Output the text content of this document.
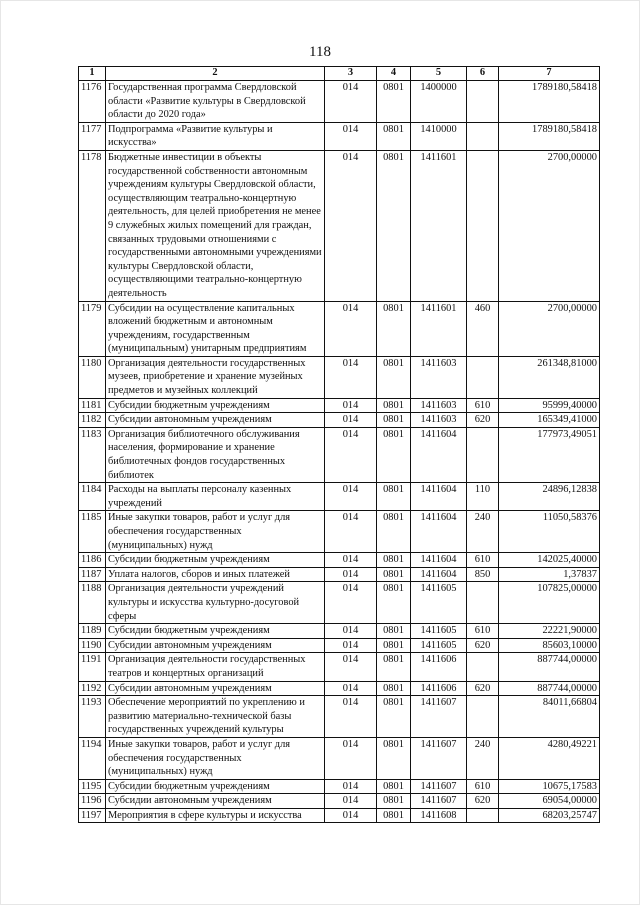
118
1	2	3	4	5	6	7
1176	Государственная программа Свердловской области «Развитие культуры в Свердловской области до 2020 года»	014	0801	1400000		1789180,58418
1177	Подпрограмма «Развитие культуры и искусства»	014	0801	1410000		1789180,58418
1178	Бюджетные инвестиции в объекты государственной собственности автономным учреждениям культуры Свердловской области, осуществляющим театрально-концертную деятельность, для целей приобретения не менее 9 служебных жилых помещений для граждан, связанных трудовыми отношениями с государственными автономными учреждениями культуры Свердловской области, осуществляющими театрально-концертную деятельность	014	0801	1411601		2700,00000
1179	Субсидии на осуществление капитальных вложений бюджетным и автономным учреждениям, государственным (муниципальным) унитарным предприятиям	014	0801	1411601	460	2700,00000
1180	Организация деятельности государственных музеев, приобретение и хранение музейных предметов и музейных коллекций	014	0801	1411603		261348,81000
1181	Субсидии бюджетным учреждениям	014	0801	1411603	610	95999,40000
1182	Субсидии автономным учреждениям	014	0801	1411603	620	165349,41000
1183	Организация библиотечного обслуживания населения, формирование и хранение библиотечных фондов государственных библиотек	014	0801	1411604		177973,49051
1184	Расходы на выплаты персоналу казенных учреждений	014	0801	1411604	110	24896,12838
1185	Иные закупки товаров, работ и услуг для обеспечения государственных (муниципальных) нужд	014	0801	1411604	240	11050,58376
1186	Субсидии бюджетным учреждениям	014	0801	1411604	610	142025,40000
1187	Уплата налогов, сборов и иных платежей	014	0801	1411604	850	1,37837
1188	Организация деятельности учреждений культуры и искусства культурно-досуговой сферы	014	0801	1411605		107825,00000
1189	Субсидии бюджетным учреждениям	014	0801	1411605	610	22221,90000
1190	Субсидии автономным учреждениям	014	0801	1411605	620	85603,10000
1191	Организация деятельности государственных театров и концертных организаций	014	0801	1411606		887744,00000
1192	Субсидии автономным учреждениям	014	0801	1411606	620	887744,00000
1193	Обеспечение мероприятий по укреплению и развитию материально-технической базы государственных учреждений культуры	014	0801	1411607		84011,66804
1194	Иные закупки товаров, работ и услуг для обеспечения государственных (муниципальных) нужд	014	0801	1411607	240	4280,49221
1195	Субсидии бюджетным учреждениям	014	0801	1411607	610	10675,17583
1196	Субсидии автономным учреждениям	014	0801	1411607	620	69054,00000
1197	Мероприятия в сфере культуры и искусства	014	0801	1411608		68203,25747
